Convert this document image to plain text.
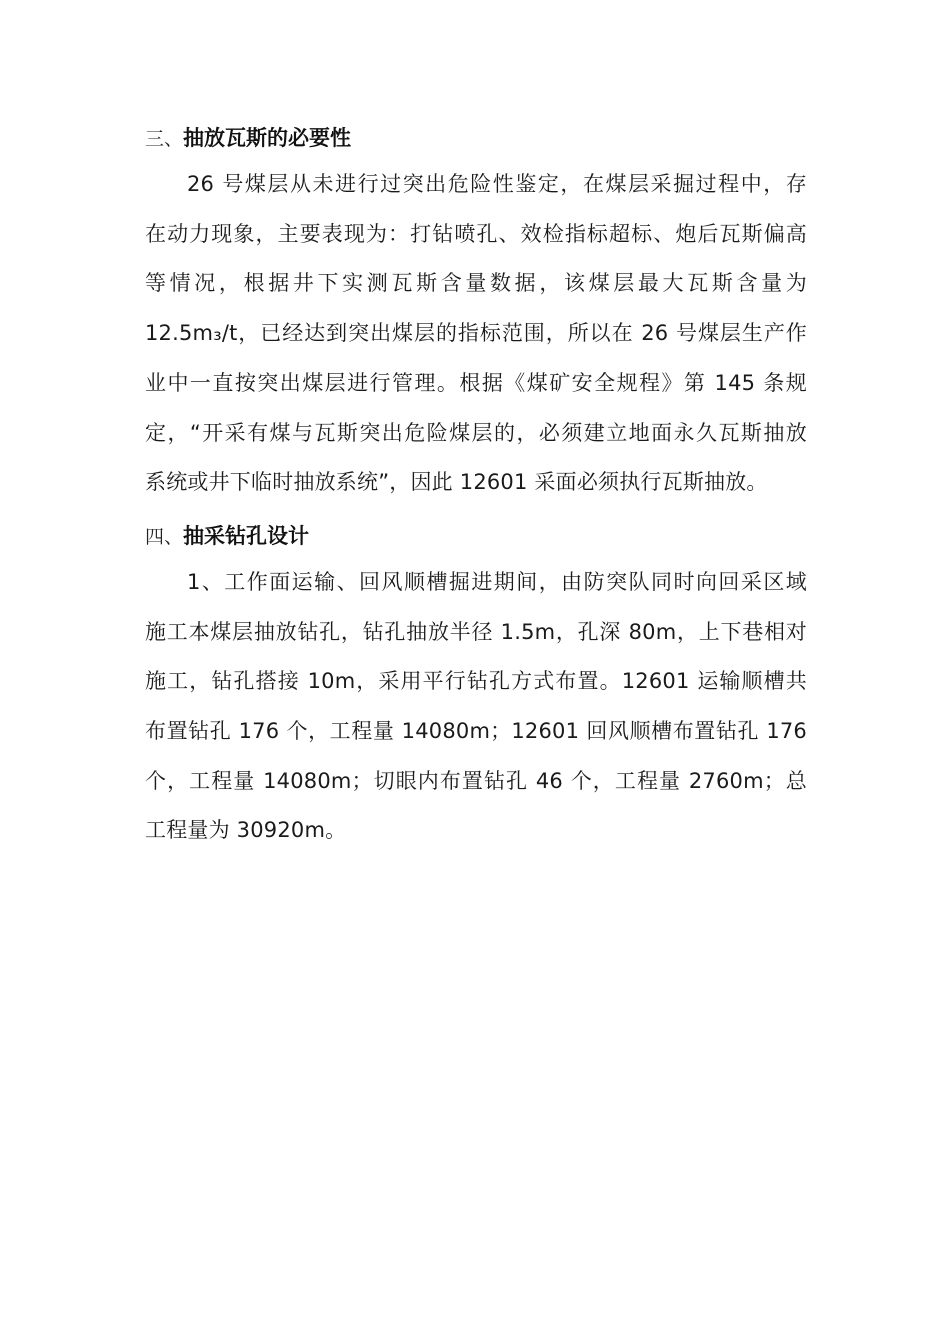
三、抽放瓦斯的必要性
26 号煤层从未进行过突出危险性鉴定，在煤层采掘过程中，存
在动力现象，主要表现为：打钻喷孔、效检指标超标、炮后瓦斯偏高
等情况，根据井下实测瓦斯含量数据，该煤层最大瓦斯含量为
12.5m₃/t，已经达到突出煤层的指标范围，所以在 26 号煤层生产作
业中一直按突出煤层进行管理。根据《煤矿安全规程》第 145 条规
定，“开采有煤与瓦斯突出危险煤层的，必须建立地面永久瓦斯抽放
系统或井下临时抽放系统”，因此 12601 采面必须执行瓦斯抽放。
四、抽采钻孔设计
1、工作面运输、回风顺槽掘进期间，由防突队同时向回采区域
施工本煤层抽放钻孔，钻孔抽放半径 1.5m，孔深 80m，上下巷相对
施工，钻孔搭接 10m，采用平行钻孔方式布置。12601 运输顺槽共
布置钻孔 176 个，工程量 14080m；12601 回风顺槽布置钻孔 176
个，工程量 14080m；切眼内布置钻孔 46 个，工程量 2760m；总
工程量为 30920m。
